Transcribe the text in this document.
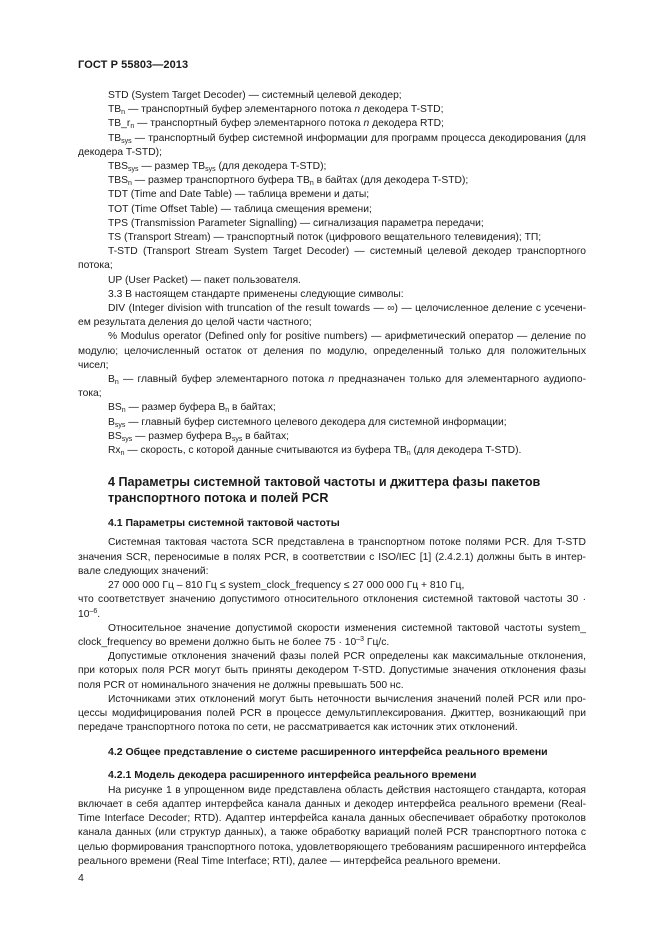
ГОСТ Р 55803—2013

STD (System Target Decoder) — системный целевой декодер;

$TB_n$ — транспортный буфер элементарного потока n декодера T-STD;

$TB\_r_n$ — транспортный буфер элементарного потока n декодера RTD;

$TB_{sys}$ — транспортный буфер системной информации для программ процесса декодирования (для декодера T-STD);

$TBS_{sys}$ — размер $TB_{sys}$ (для декодера T-STD);

$TBS_n$ — размер транспортного буфера $TB_n$ в байтах (для декодера T-STD);

TDT (Time and Date Table) — таблица времени и даты;

TOT (Time Offset Table) — таблица смещения времени;

TPS (Transmission Parameter Signalling) — сигнализация параметра передачи;

TS (Transport Stream) — транспортный поток (цифрового вещательного телевидения); ТП;

T-STD (Transport Stream System Target Decoder) — системный целевой декодер транспортного потока;

UP (User Packet) — пакет пользователя.

3.3 В настоящем стандарте применены следующие символы:

DIV (Integer division with truncation of the result towards — ∞) — целочисленное деление с усечени-ем результата деления до целой части частного;

% Modulus operator (Defined only for positive numbers) — арифметический оператор — деление по модулю; целочисленный остаток от деления по модулю, определенный только для положительных чисел;

$B_n$ — главный буфер элементарного потока n предназначен только для элементарного аудиопо-тока;

$BS_n$ — размер буфера $B_n$ в байтах;

$B_{sys}$ — главный буфер системного целевого декодера для системной информации;

$BS_{sys}$ — размер буфера $B_{sys}$ в байтах;

$Rx_n$ — скорость, с которой данные считываются из буфера $TB_n$ (для декодера T-STD).

4 Параметры системной тактовой частоты и джиттера фазы пакетов транспортного потока и полей PCR
4.1 Параметры системной тактовой частоты

Системная тактовая частота SCR представлена в транспортном потоке полями PCR. Для T-STD значения SCR, переносимые в полях PCR, в соответствии с ISO/IEC [1] (2.4.2.1) должны быть в интер-вале следующих значений:

27 000 000 Гц – 810 Гц ≤ system_clock_frequency ≤ 27 000 000 Гц + 810 Гц,

что соответствует значению допустимого относительного отклонения системной тактовой частоты $30 \cdot 10^{-6}$.

Относительное значение допустимой скорости изменения системной тактовой частоты system_ clock_frequency во времени должно быть не более $75 \cdot 10^{-3}$ Гц/с.

Допустимые отклонения значений фазы полей PCR определены как максимальные отклонения, при которых поля PCR могут быть приняты декодером T-STD. Допустимые значения отклонения фазы поля PCR от номинального значения не должны превышать 500 нс.

Источниками этих отклонений могут быть неточности вычисления значений полей PCR или про-цессы модифицирования полей PCR в процессе демультиплексирования. Джиттер, возникающий при передаче транспортного потока по сети, не рассматривается как источник этих отклонений.

4.2 Общее представление о системе расширенного интерфейса реального времени
4.2.1 Модель декодера расширенного интерфейса реального времени

На рисунке 1 в упрощенном виде представлена область действия настоящего стандарта, которая включает в себя адаптер интерфейса канала данных и декодер интерфейса реального времени (Real-Time Interface Decoder; RTD). Адаптер интерфейса канала данных обеспечивает обработку протоколов канала данных (или структур данных), а также обработку вариаций полей PCR транспортного потока с целью формирования транспортного потока, удовлетворяющего требованиям расширенного интерфейса реального времени (Real Time Interface; RTI), далее — интерфейса реального времени.

4
